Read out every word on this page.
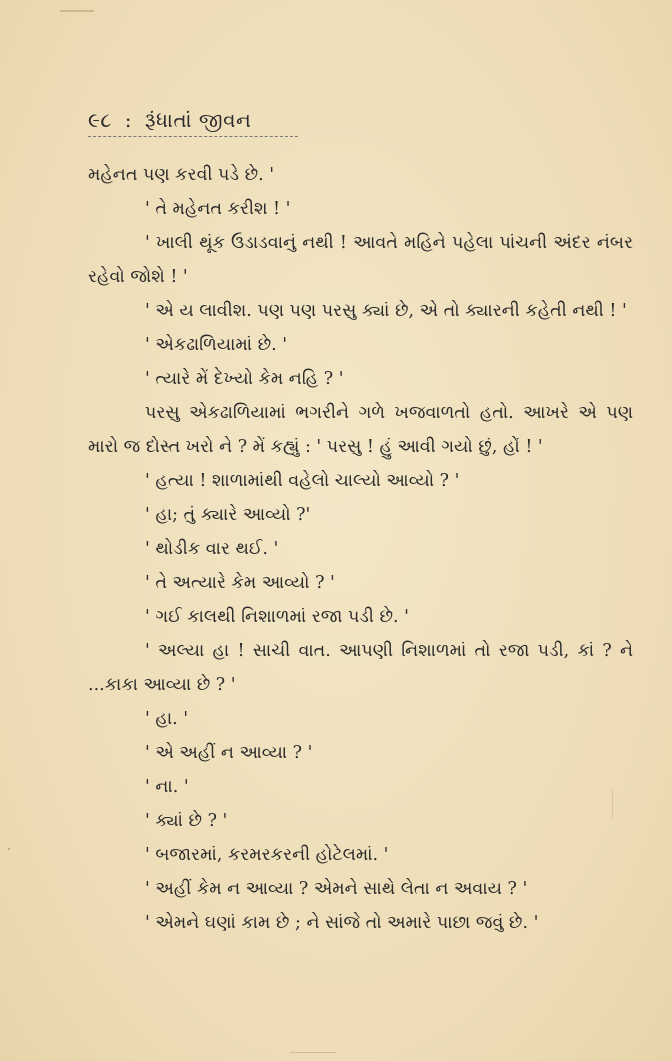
૯૮ : રૂંધાતાં જીવન

મહેનત પણ કરવી પડે છે. '

' તે મહેનત કરીશ ! '

' ખાલી થૂંક ઉડાડવાનું નથી ! આવતે મહિને પહેલા પાંચની અંદર નંબર રહેવો જોશે ! '

' એ ય લાવીશ. પણ પણ પરસુ ક્યાં છે, એ તો ક્યારની કહેતી નથી ! '

' એકઢાળિયામાં છે. '

' ત્યારે મેં દેખ્યો કેમ નહિ ? '

પરસુ એકઢાળિયામાં ભગરીને ગળે ખજવાળતો હતો. આખરે એ પણ મારો જ દોસ્ત ખરો ને ? મેં કહ્યું : ' પરસુ ! હું આવી ગયો છું, હોં ! '

' હત્યા ! શાળામાંથી વહેલો ચાલ્યો આવ્યો ? '

' હા; તું ક્યારે આવ્યો ?'

' થોડીક વાર થઈ. '

' તે અત્યારે કેમ આવ્યો ? '

' ગઈ કાલથી નિશાળમાં રજા પડી છે. '

' અલ્યા હા ! સાચી વાત. આપણી નિશાળમાં તો રજા પડી, કાં ? ને ...કાકા આવ્યા છે ? '

' હા. '

' એ અહીં ન આવ્યા ? '

' ના. '

' ક્યાં છે ? '

' બજારમાં, કરમરકરની હોટેલમાં. '

' અહીં કેમ ન આવ્યા ? એમને સાથે લેતા ન અવાય ? '

' એમને ઘણાં કામ છે ; ને સાંજે તો અમારે પાછા જવું છે. '
